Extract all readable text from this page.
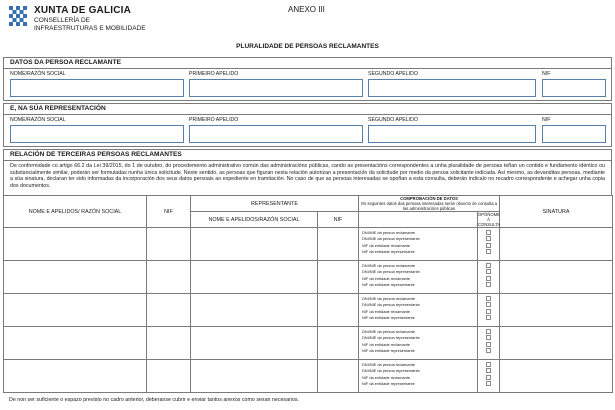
XUNTA DE GALICIA
CONSELLERÍA DE
INFRAESTRUTURAS E MOBILIDADE
ANEXO III
PLURALIDADE DE PERSOAS RECLAMANTES
DATOS DA PERSOA RECLAMANTE
NOME/RAZÓN SOCIAL	PRIMEIRO APELIDO	SEGUNDO APELIDO	NIF
E, NA SÚA REPRESENTACIÓN
NOME/RAZÓN SOCIAL	PRIMEIRO APELIDO	SEGUNDO APELIDO	NIF
RELACIÓN DE TERCEIRAS PERSOAS RECLAMANTES
De conformidade co artigo 66.2 da Lei 39/2015, do 1 de outubro, do procedemento administrativo común das administracións públicas, cando as presentacións correspondentes a unha pluralidade de persoas teñan un contido e fundamento idéntico ou substancialmente similar, poderán ser formuladas nunha única solicitude. Neste sentido, as persoas que figuran nesta relación autorizan a presentación da solicitude por medio da persoa solicitante indicada. Así mesmo, as devanditas persoas, mediante a súa sinatura, declaran ter sido informadas da incorporación dos seus datos persoais ao expediente en tramitación. No caso de que as persoas interesadas se opoñan a esta consulta, deberán indicalo no recadro correspondente e achegar unha copia dos documentos.
NOME E APELIDOS/ RAZÓN SOCIAL	NIF	REPRESENTANTE		COMPROBACIÓN DE DATOS
Os seguintes datos das persoas interesadas serán obxecto de consulta a las administracións públicas		SINATURA
		NOME E APELIDOS/RAZÓN SOCIAL	NIF		OPÓÑOME Á CONSULTA	

				DNI/NIE da persoa reclamante
DNI/NIE da persoa representante
NIF da entidade reclamante
NIF da entidade representante		

				DNI/NIE da persoa reclamante
DNI/NIE da persoa representante
NIF da entidade reclamante
NIF da entidade representante		

				DNI/NIE da persoa reclamante
DNI/NIE da persoa representante
NIF da entidade reclamante
NIF da entidade representante		

				DNI/NIE da persoa reclamante
DNI/NIE da persoa representante
NIF da entidade reclamante
NIF da entidade representante		

				DNI/NIE da persoa reclamante
DNI/NIE da persoa representante
NIF da entidade reclamante
NIF da entidade representante		

De non ser suficiente o espazo previsto no cadro anterior, deberanse cubrir e enviar tantos anexos como sexan necesarios.
